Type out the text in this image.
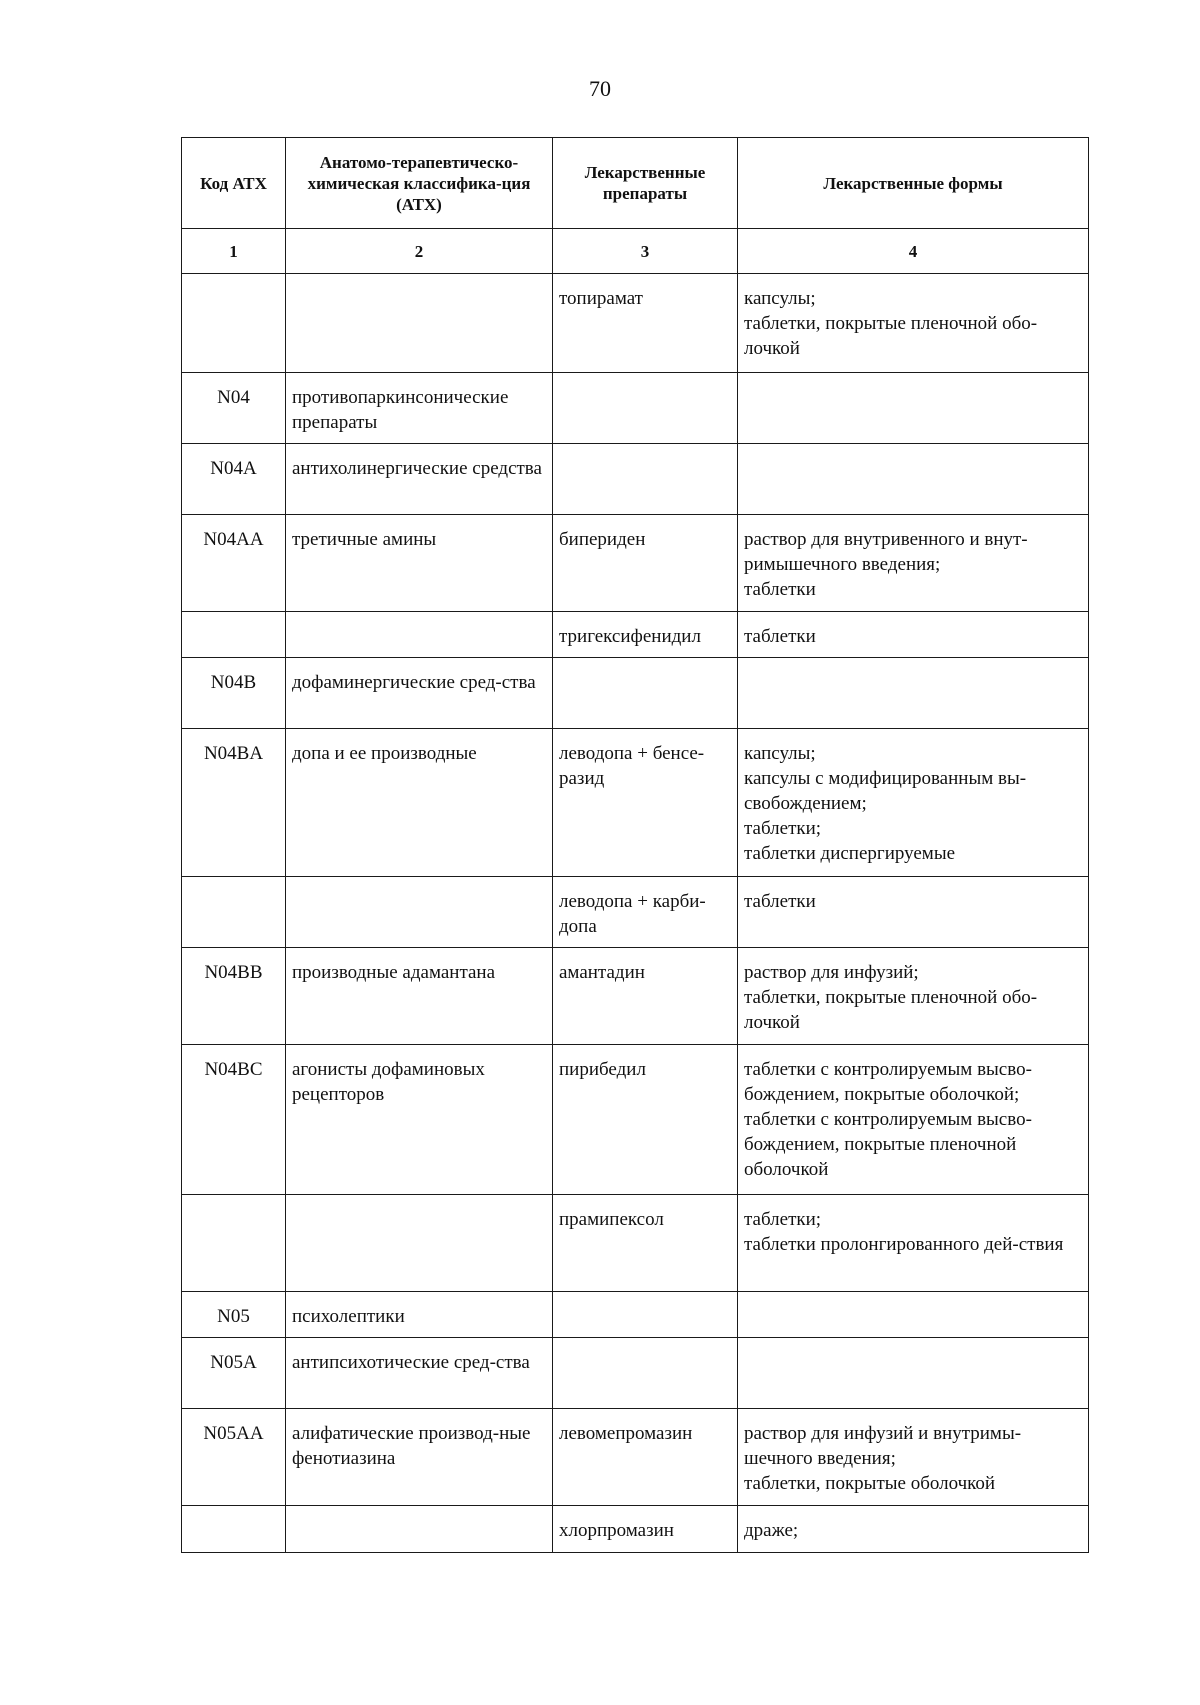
70
Код АТХ	Анатомо-терапевтическо-химическая классифика-ция (АТХ)	Лекарственные препараты	Лекарственные формы
1	2	3	4
		топирамат	капсулы;
таблетки, покрытые пленочной обо-лочкой

N04	противопаркинсонические препараты		
N04A	антихолинергические средства		
N04AA	третичные амины	бипериден	раствор для внутривенного и внут-римышечного введения;
таблетки

		тригексифенидил	таблетки

N04B	дофаминергические сред-ства		
N04BA	допа и ее производные	леводопа + бенсе-разид	капсулы;
капсулы с модифицированным вы-свобождением;
таблетки;
таблетки диспергируемые

		леводопа + карби-допа	таблетки

N04BB	производные адамантана	амантадин	раствор для инфузий;
таблетки, покрытые пленочной обо-лочкой

N04BC	агонисты дофаминовых рецепторов	пирибедил	таблетки с контролируемым высво-бождением, покрытые оболочкой;
таблетки с контролируемым высво-бождением, покрытые пленочной оболочкой

		прамипексол	таблетки;
таблетки пролонгированного дей-ствия

N05	психолептики		
N05A	антипсихотические сред-ства		
N05AA	алифатические производ-ные фенотиазина	левомепромазин	раствор для инфузий и внутримы-шечного введения;
таблетки, покрытые оболочкой

		хлорпромазин	драже;
